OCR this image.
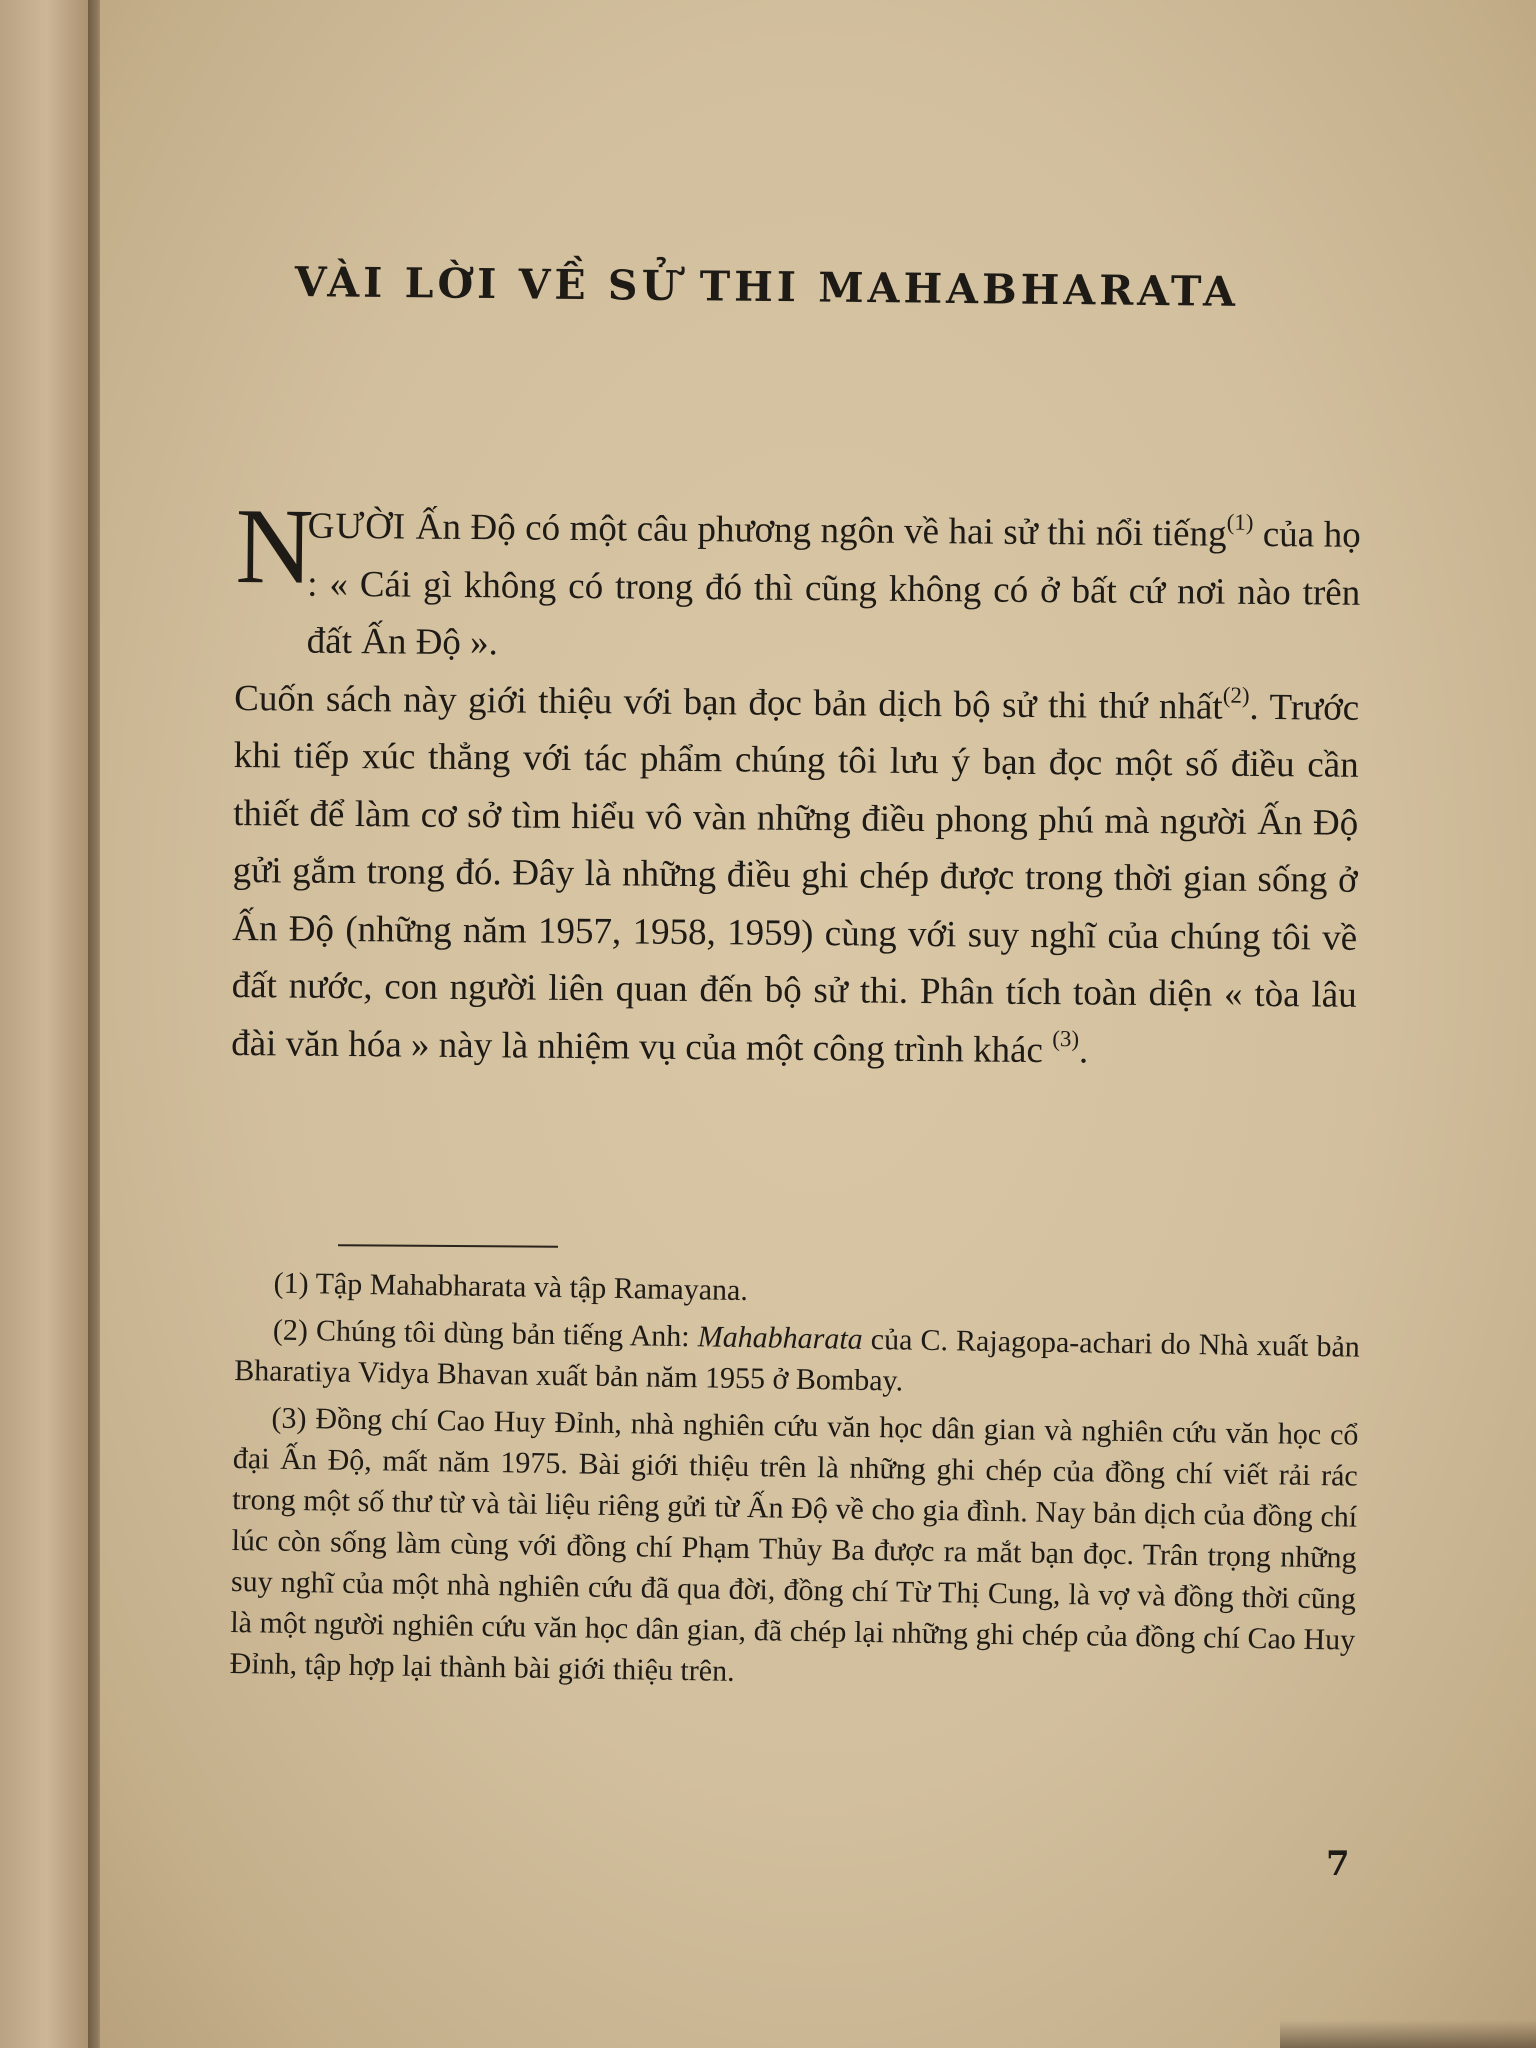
VÀI LỜI VỀ SỬ THI MAHABHARATA

N
GƯỜI Ấn Độ có một câu phương ngôn về hai sử thi nổi tiếng$^{(1)}$ của họ : « Cái gì không có trong đó thì cũng không có ở bất cứ nơi nào trên đất Ấn Độ ».

Cuốn sách này giới thiệu với bạn đọc bản dịch bộ sử thi thứ nhất$^{(2)}$. Trước khi tiếp xúc thẳng với tác phẩm chúng tôi lưu ý bạn đọc một số điều cần thiết để làm cơ sở tìm hiểu vô vàn những điều phong phú mà người Ấn Độ gửi gắm trong đó. Đây là những điều ghi chép được trong thời gian sống ở Ấn Độ (những năm 1957, 1958, 1959) cùng với suy nghĩ của chúng tôi về đất nước, con người liên quan đến bộ sử thi. Phân tích toàn diện « tòa lâu đài văn hóa » này là nhiệm vụ của một công trình khác $^{(3)}$.

(1) Tập Mahabharata và tập Ramayana.

(2) Chúng tôi dùng bản tiếng Anh: Mahabharata của C. Rajagopa-achari do Nhà xuất bản Bharatiya Vidya Bhavan xuất bản năm 1955 ở Bombay.

(3) Đồng chí Cao Huy Đỉnh, nhà nghiên cứu văn học dân gian và nghiên cứu văn học cổ đại Ấn Độ, mất năm 1975. Bài giới thiệu trên là những ghi chép của đồng chí viết rải rác trong một số thư từ và tài liệu riêng gửi từ Ấn Độ về cho gia đình. Nay bản dịch của đồng chí lúc còn sống làm cùng với đồng chí Phạm Thủy Ba được ra mắt bạn đọc. Trân trọng những suy nghĩ của một nhà nghiên cứu đã qua đời, đồng chí Từ Thị Cung, là vợ và đồng thời cũng là một người nghiên cứu văn học dân gian, đã chép lại những ghi chép của đồng chí Cao Huy Đỉnh, tập hợp lại thành bài giới thiệu trên.

7
